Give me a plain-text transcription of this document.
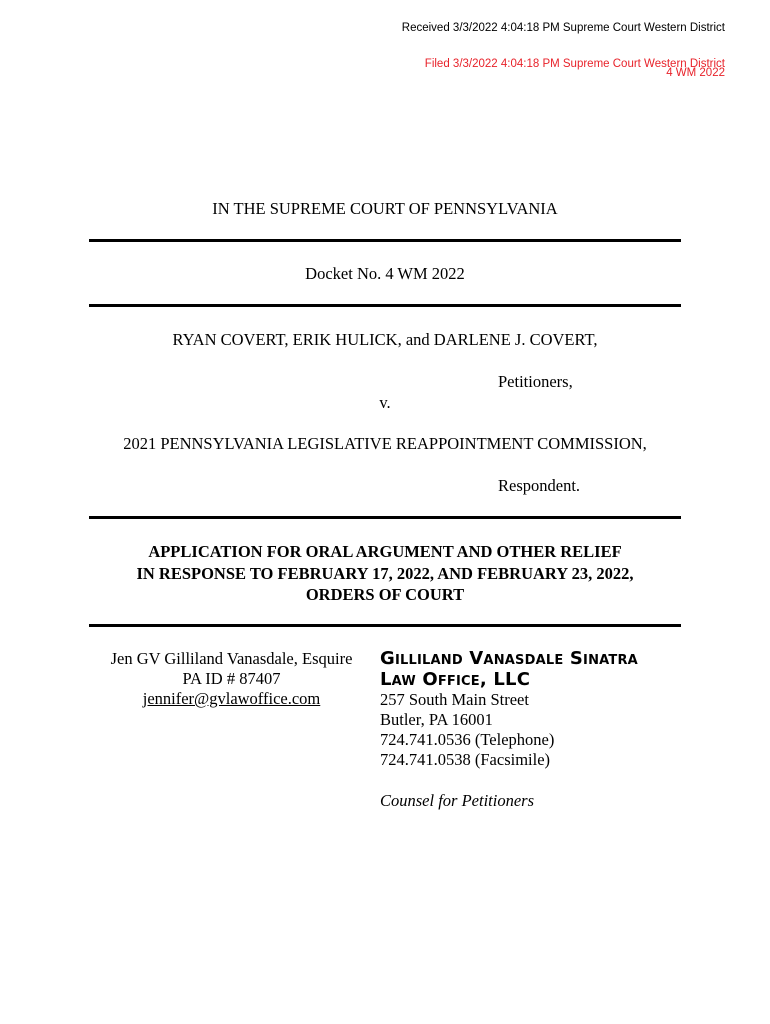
Received 3/3/2022 4:04:18 PM Supreme Court Western District
Filed 3/3/2022 4:04:18 PM Supreme Court Western District
4 WM 2022
IN THE SUPREME COURT OF PENNSYLVANIA
Docket No. 4 WM 2022
RYAN COVERT, ERIK HULICK, and DARLENE J. COVERT,
Petitioners,
v.
2021 PENNSYLVANIA LEGISLATIVE REAPPOINTMENT COMMISSION,
Respondent.
APPLICATION FOR ORAL ARGUMENT AND OTHER RELIEF
IN RESPONSE TO FEBRUARY 17, 2022, AND FEBRUARY 23, 2022,
ORDERS OF COURT
Jen GV Gilliland Vanasdale, Esquire
PA ID # 87407
jennifer@gvlawoffice.com
Gilliland Vanasdale Sinatra
Law Office, LLC
257 South Main Street
Butler, PA 16001
724.741.0536 (Telephone)
724.741.0538 (Facsimile)
Counsel for Petitioners
